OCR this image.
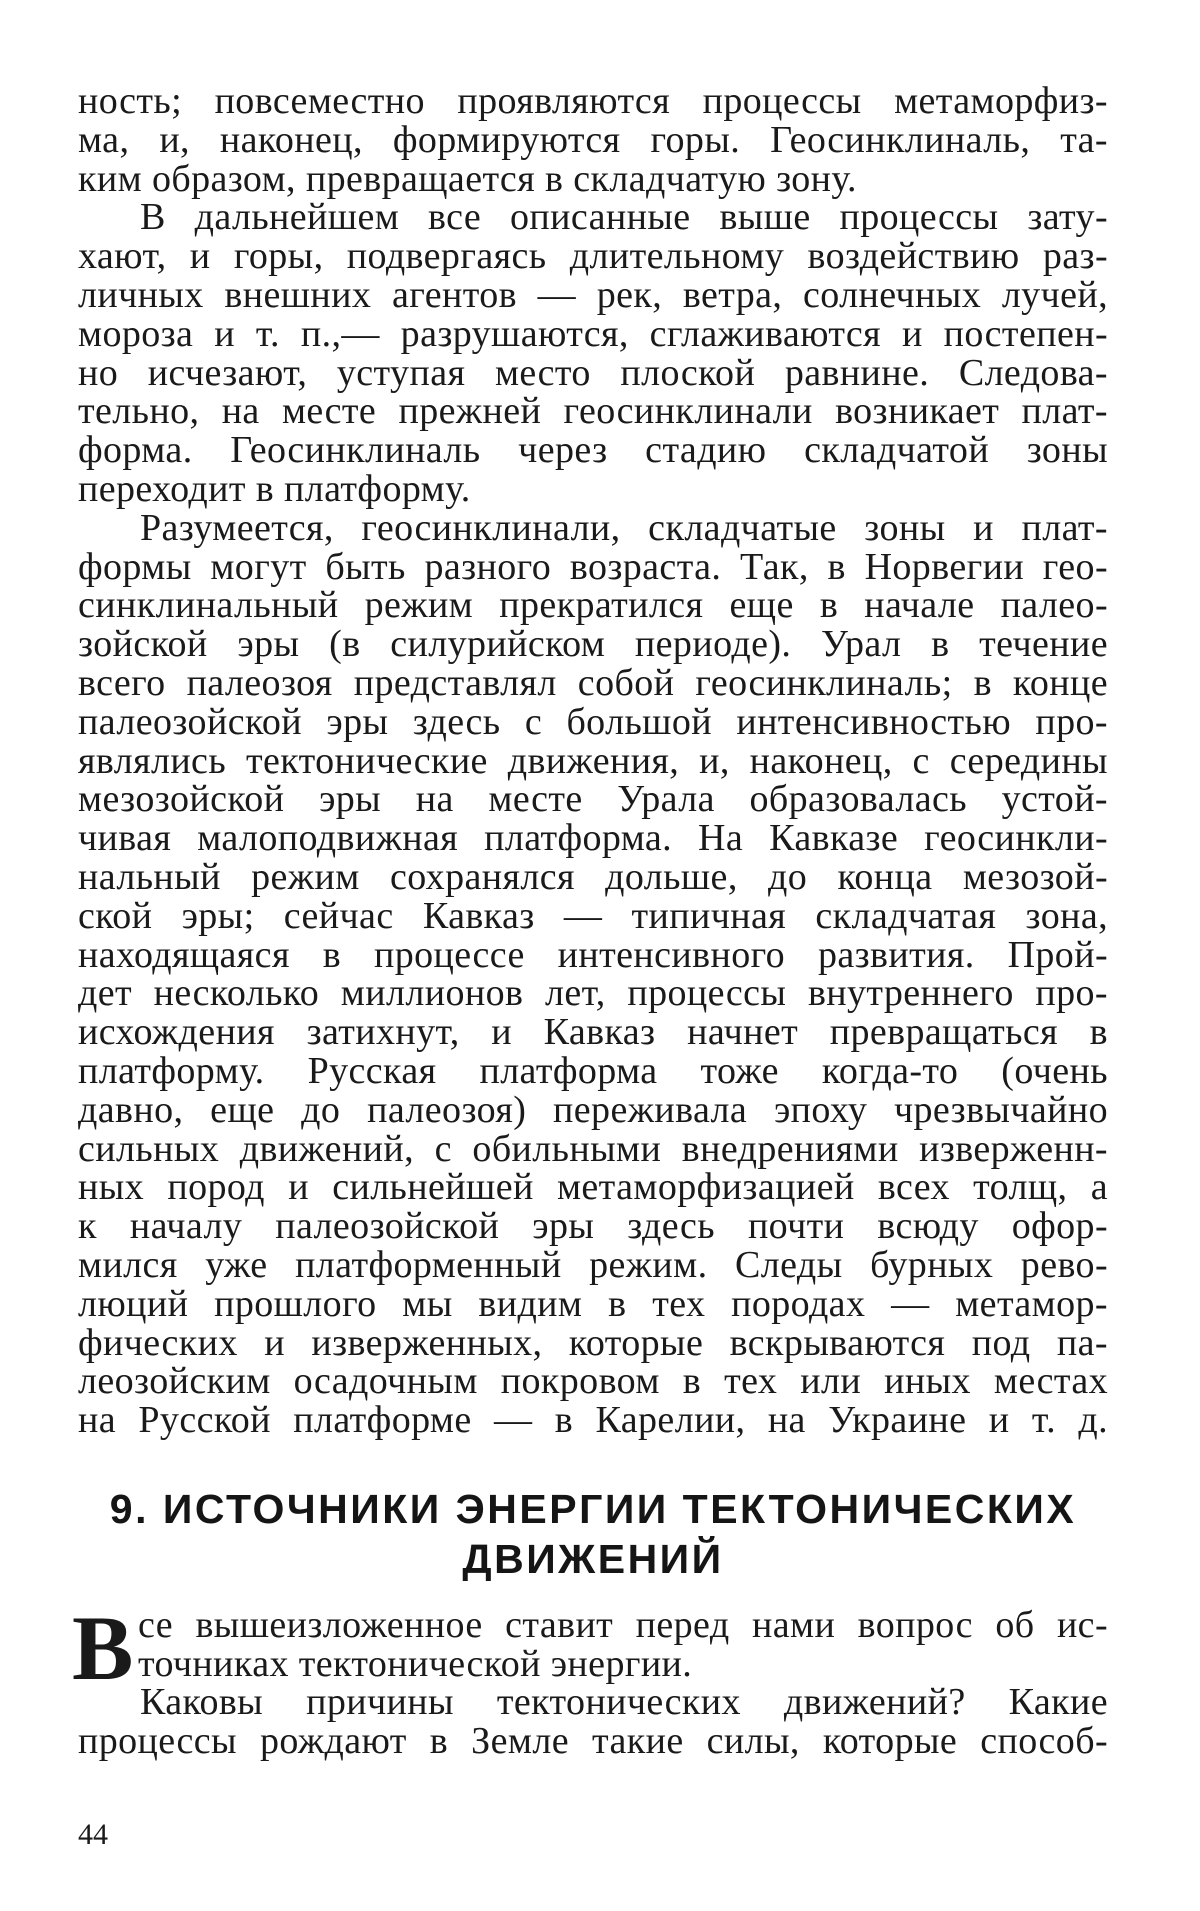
ность; повсеместно проявляются процессы метаморфиз-
ма, и, наконец, формируются горы. Геосинклиналь, та-
ким образом, превращается в складчатую зону.
В дальнейшем все описанные выше процессы зату-
хают, и горы, подвергаясь длительному воздействию раз-
личных внешних агентов — рек, ветра, солнечных лучей,
мороза и т. п.,— разрушаются, сглаживаются и постепен-
но исчезают, уступая место плоской равнине. Следова-
тельно, на месте прежней геосинклинали возникает плат-
форма. Геосинклиналь через стадию складчатой зоны
переходит в платформу.
Разумеется, геосинклинали, складчатые зоны и плат-
формы могут быть разного возраста. Так, в Норвегии гео-
синклинальный режим прекратился еще в начале палео-
зойской эры (в силурийском периоде). Урал в течение
всего палеозоя представлял собой геосинклиналь; в конце
палеозойской эры здесь с большой интенсивностью про-
являлись тектонические движения, и, наконец, с середины
мезозойской эры на месте Урала образовалась устой-
чивая малоподвижная платформа. На Кавказе геосинкли-
нальный режим сохранялся дольше, до конца мезозой-
ской эры; сейчас Кавказ — типичная складчатая зона,
находящаяся в процессе интенсивного развития. Прой-
дет несколько миллионов лет, процессы внутреннего про-
исхождения затихнут, и Кавказ начнет превращаться в
платформу. Русская платформа тоже когда-то (очень
давно, еще до палеозоя) переживала эпоху чрезвычайно
сильных движений, с обильными внедрениями изверженн-
ных пород и сильнейшей метаморфизацией всех толщ, а
к началу палеозойской эры здесь почти всюду офор-
мился уже платформенный режим. Следы бурных рево-
люций прошлого мы видим в тех породах — метамор-
фических и изверженных, которые вскрываются под па-
леозойским осадочным покровом в тех или иных местах
на Русской платформе — в Карелии, на Украине и т. д.
9. ИСТОЧНИКИ ЭНЕРГИИ ТЕКТОНИЧЕСКИХ
ДВИЖЕНИЙ
В се вышеизложенное ставит перед нами вопрос об ис-
точниках тектонической энергии.
Каковы причины тектонических движений? Какие
процессы рождают в Земле такие силы, которые способ-
44
